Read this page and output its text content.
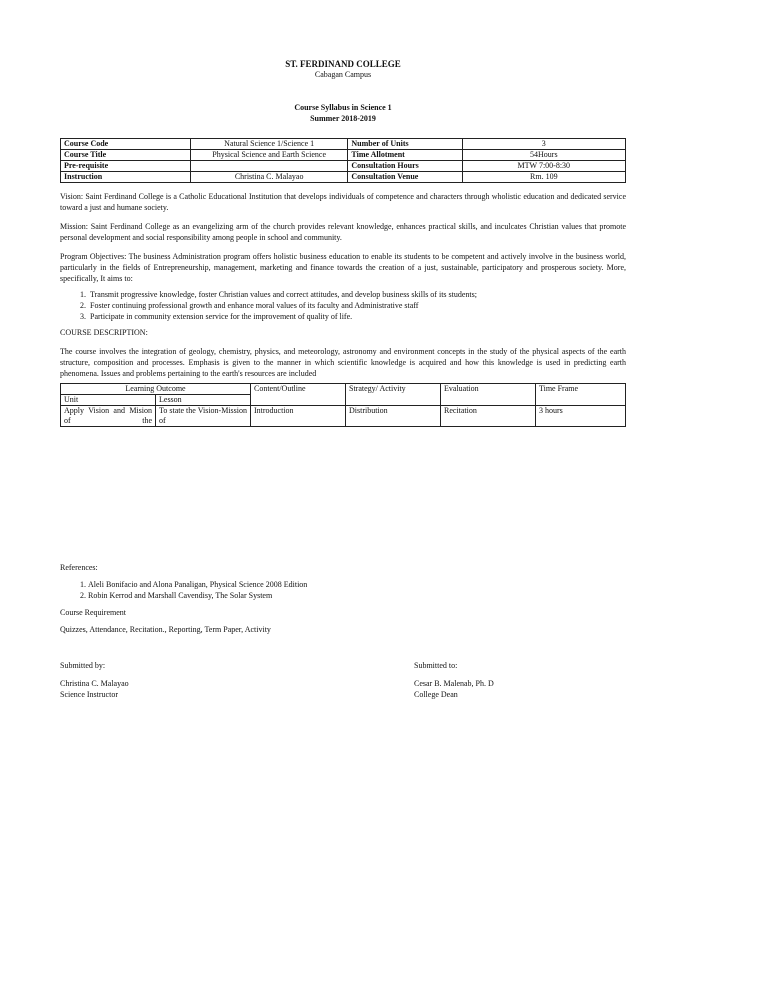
ST. FERDINAND COLLEGE
Cabagan Campus
Course Syllabus in Science 1
Summer 2018-2019
Course Code	Natural Science 1/Science 1	Number of Units	3
Course Title	Physical Science and Earth Science	Time Allotment	54Hours
Pre-requisite		Consultation Hours	MTW 7:00-8:30
Instruction	Christina C. Malayao	Consultation Venue	Rm. 109

Vision: Saint Ferdinand College is a Catholic Educational Institution that develops individuals of competence and characters through wholistic education and dedicated service toward a just and humane society.

Mission: Saint Ferdinand College as an evangelizing arm of the church provides relevant knowledge, enhances practical skills, and inculcates Christian values that promote personal development and social responsibility among people in school and community.

Program Objectives: The business Administration program offers holistic business education to enable its students to be competent and actively involve in the business world, particularly in the fields of Entrepreneurship, management, marketing and finance towards the creation of a just, sustainable, participatory and prosperous society. More, specifically, It aims to:

1. Transmit progressive knowledge, foster Christian values and correct attitudes, and develop business skills of its students;
2. Foster continuing professional growth and enhance moral values of its faculty and Administrative staff
3. Participate in community extension service for the improvement of quality of life.

COURSE DESCRIPTION:

The course involves the integration of geology, chemistry, physics, and meteorology, astronomy and environment concepts in the study of the physical aspects of the earth structure, composition and processes. Emphasis is given to the manner in which scientific knowledge is acquired and how this knowledge is used in predicting earth phenomena. Issues and problems pertaining to the earth's resources are included

Learning Outcome		Content/Outline	Strategy/ Activity	Evaluation	Time Frame
Unit	Lesson				
Apply Vision and Mision of the	To state the Vision-Mission of	Introduction	Distribution	Recitation	3 hours
References:
1. Aleli Bonifacio and Alona Panaligan, Physical Science 2008 Edition
2. Robin Kerrod and Marshall Cavendisy, The Solar System
Course Requirement
Quizzes, Attendance, Recitation., Reporting, Term Paper, Activity
Submitted by:
Christina C. Malayao
Science Instructor
Submitted to:
Cesar B. Malenab, Ph. D
College Dean
